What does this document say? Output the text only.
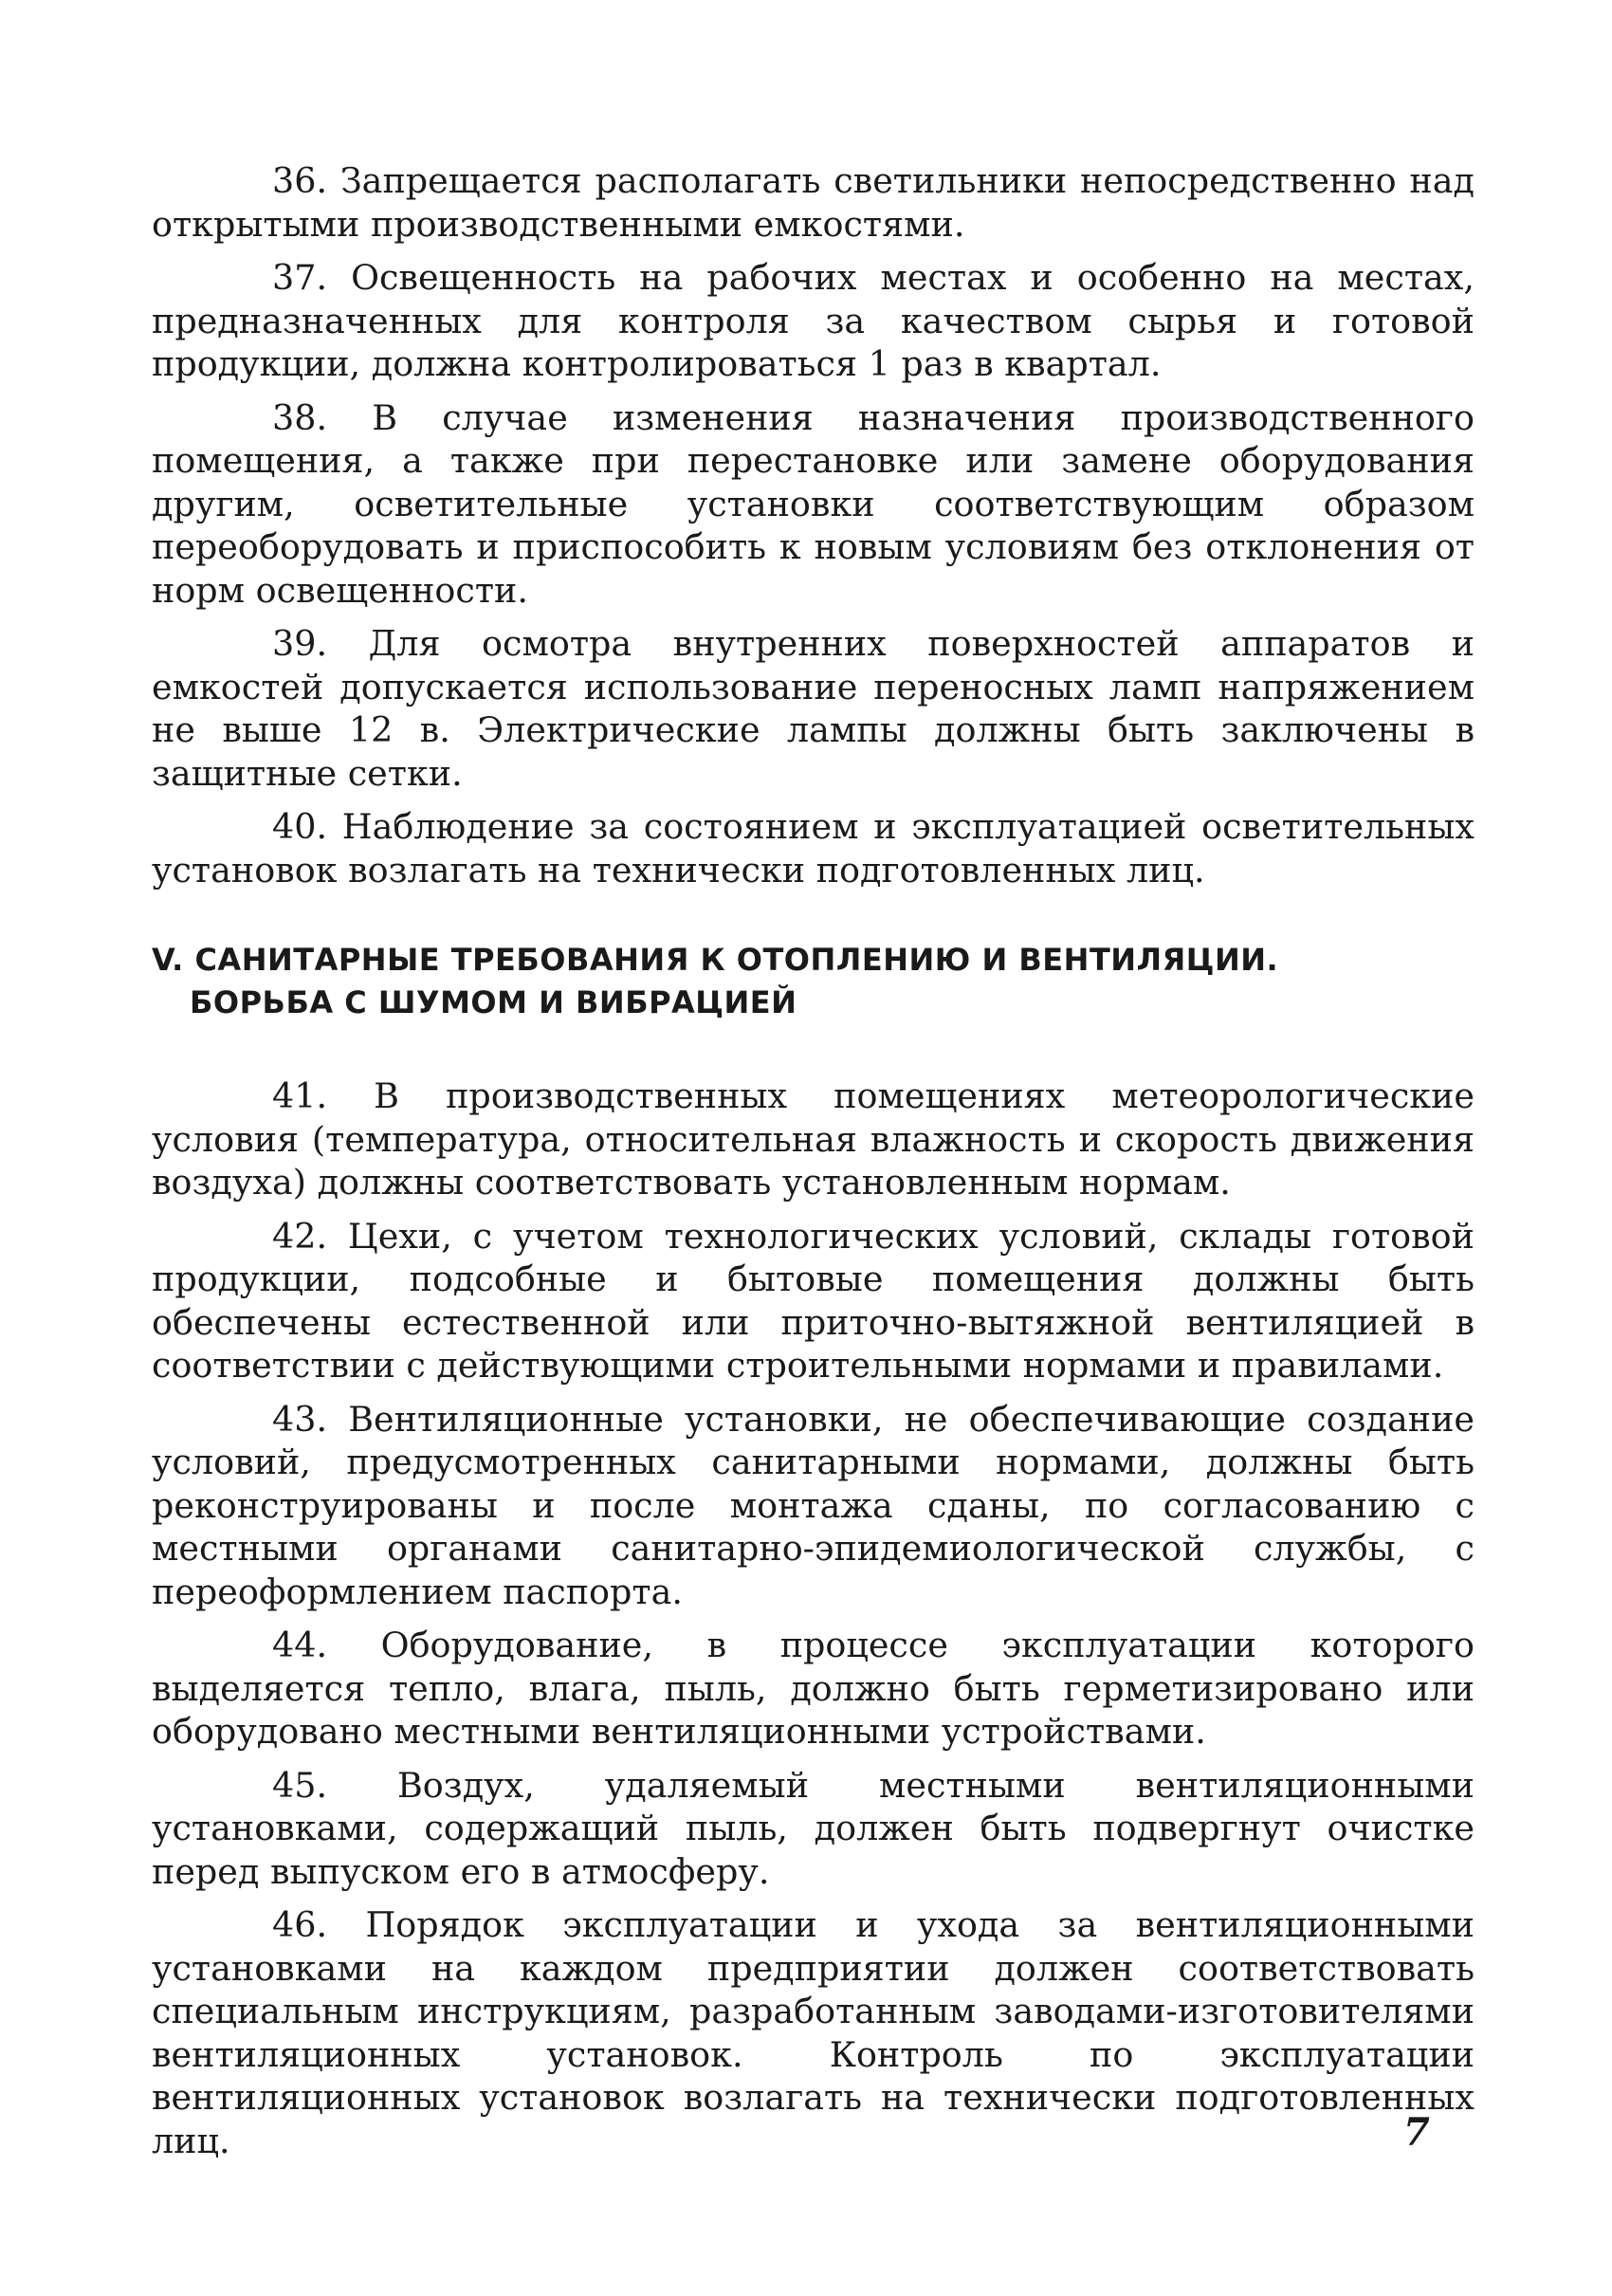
36. Запрещается располагать светильники непосредственно над открытыми производственными емкостями.

37. Освещенность на рабочих местах и особенно на местах, предназначенных для контроля за качеством сырья и готовой продукции, должна контролироваться 1 раз в квартал.

38. В случае изменения назначения производственного помещения, а также при перестановке или замене оборудования другим, осветительные установки соответствующим образом переоборудовать и приспособить к новым условиям без отклонения от норм освещенности.

39. Для осмотра внутренних поверхностей аппаратов и емкостей допускается использование переносных ламп напряжением не выше 12 в. Электрические лампы должны быть заключены в защитные сетки.

40. Наблюдение за состоянием и эксплуатацией осветительных установок возлагать на технически подготовленных лиц.

V. САНИТАРНЫЕ ТРЕБОВАНИЯ К ОТОПЛЕНИЮ И ВЕНТИЛЯЦИИ.
БОРЬБА С ШУМОМ И ВИБРАЦИЕЙ

41. В производственных помещениях метеорологические условия (температура, относительная влажность и скорость движения воздуха) должны соответствовать установленным нормам.

42. Цехи, с учетом технологических условий, склады готовой продукции, подсобные и бытовые помещения должны быть обеспечены естественной или приточно-вытяжной вентиляцией в соответствии с действующими строительными нормами и правилами.

43. Вентиляционные установки, не обеспечивающие создание условий, предусмотренных санитарными нормами, должны быть реконструированы и после монтажа сданы, по согласованию с местными органами санитарно-эпидемиологической службы, с переоформлением паспорта.

44. Оборудование, в процессе эксплуатации которого выделяется тепло, влага, пыль, должно быть герметизировано или оборудовано местными вентиляционными устройствами.

45. Воздух, удаляемый местными вентиляционными установками, содержащий пыль, должен быть подвергнут очистке перед выпуском его в атмосферу.

46. Порядок эксплуатации и ухода за вентиляционными установками на каждом предприятии должен соответствовать специальным инструкциям, разработанным заводами-изготовителями вентиляционных установок. Контроль по эксплуатации вентиляционных установок возлагать на технически подготовленных лиц.	7
